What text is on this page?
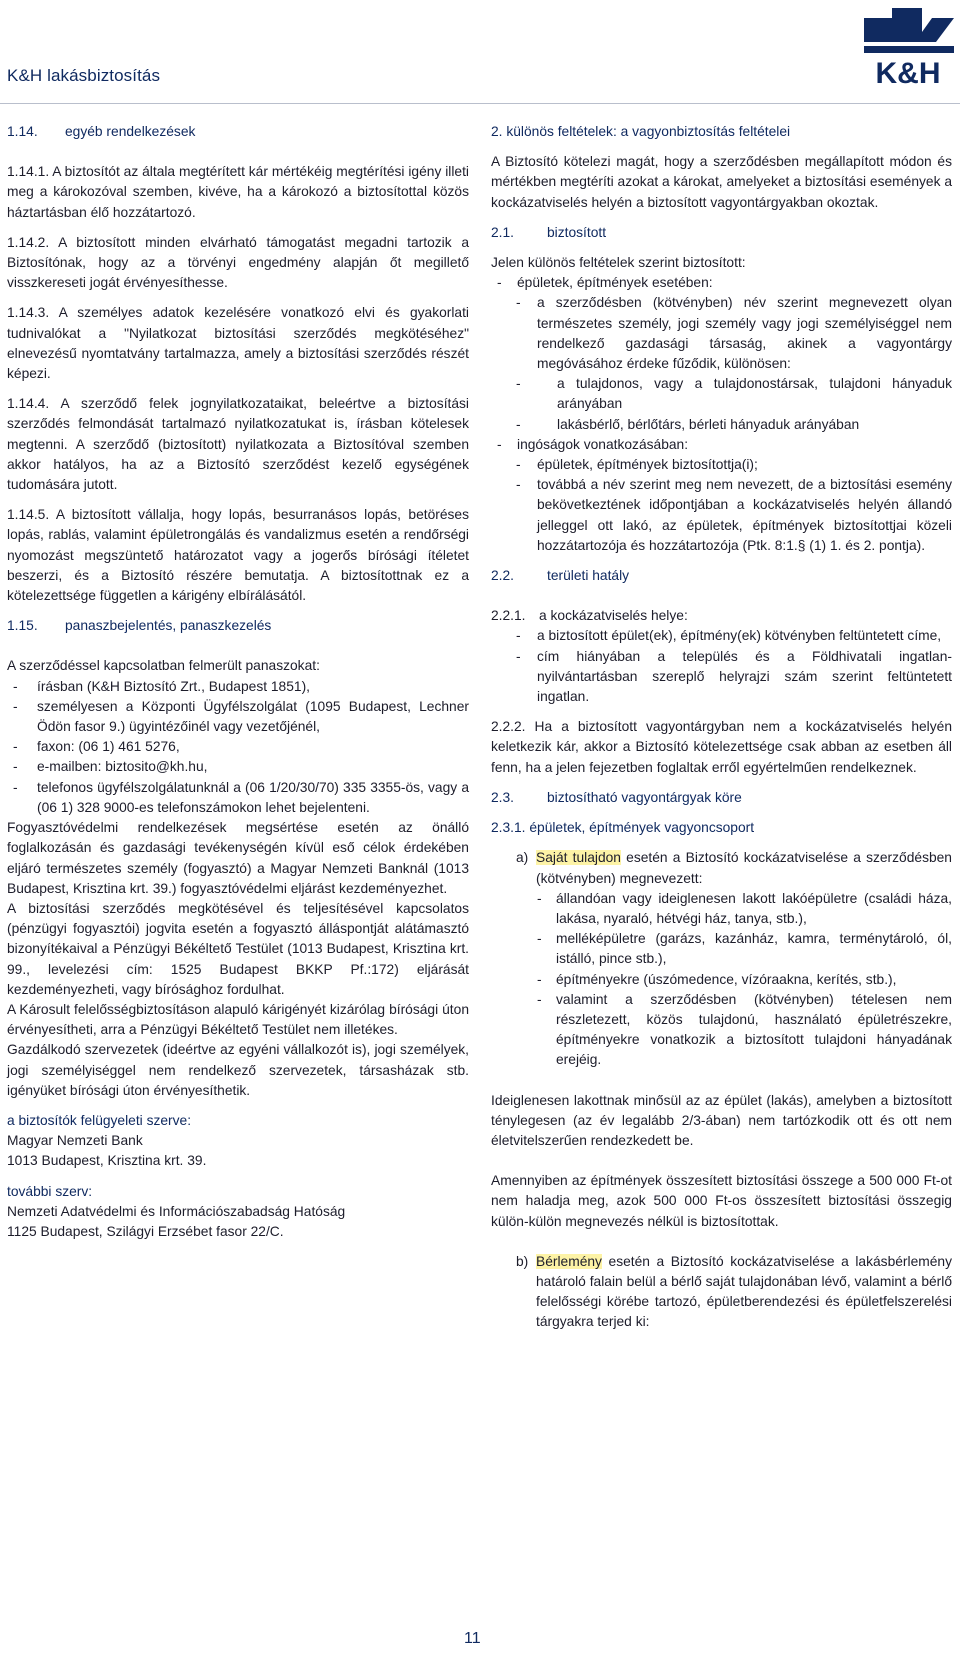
K&H lakásbiztosítás	K&H
1.14.	egyéb rendelkezések

1.14.1. A biztosítót az általa megtérített kár mértékéig megtérítési igény illeti meg a károkozóval szemben, kivéve, ha a károkozó a biztosítottal közös háztartásban élő hozzátartozó.

1.14.2. A biztosított minden elvárható támogatást megadni tartozik a Biztosítónak, hogy az a törvényi engedmény alapján őt megillető visszkereseti jogát érvényesíthesse.

1.14.3. A személyes adatok kezelésére vonatkozó elvi és gyakorlati tudnivalókat a "Nyilatkozat biztosítási szerződés megkötéséhez" elnevezésű nyomtatvány tartalmazza, amely a biztosítási szerződés részét képezi.

1.14.4. A szerződő felek jognyilatkozataikat, beleértve a biztosítási szerződés felmondását tartalmazó nyilatkozatukat is, írásban kötelesek megtenni. A szerződő (biztosított) nyilatkozata a Biztosítóval szemben akkor hatályos, ha az a Biztosító szerződést kezelő egységének tudomására jutott.

1.14.5. A biztosított vállalja, hogy lopás, besurranásos lopás, betöréses lopás, rablás, valamint épületrongálás és vandalizmus esetén a rendőrségi nyomozást megszüntető határozatot vagy a jogerős bírósági ítéletet beszerzi, és a Biztosító részére bemutatja. A biztosítottnak ez a kötelezettsége független a kárigény elbírálásától.

1.15.	panaszbejelentés, panaszkezelés

A szerződéssel kapcsolatban felmerült panaszokat:

- írásban (K&H Biztosító Zrt., Budapest 1851),
- személyesen a Központi Ügyfélszolgálat (1095 Budapest, Lechner Ödön fasor 9.) ügyintézőinél vagy vezetőjénél,
- faxon: (06 1) 461 5276,
- e-mailben: biztosito@kh.hu,
- telefonos ügyfélszolgálatunknál a (06 1/20/30/70) 335 3355-ös, vagy a (06 1) 328 9000-es telefonszámokon lehet bejelenteni.

Fogyasztóvédelmi rendelkezések megsértése esetén az önálló foglalkozásán és gazdasági tevékenységén kívül eső célok érdekében eljáró természetes személy (fogyasztó) a Magyar Nemzeti Banknál (1013 Budapest, Krisztina krt. 39.) fogyasztóvédelmi eljárást kezdeményezhet.

A biztosítási szerződés megkötésével és teljesítésével kapcsolatos (pénzügyi fogyasztói) jogvita esetén a fogyasztó álláspontját alátámasztó bizonyítékaival a Pénzügyi Békéltető Testület (1013 Budapest, Krisztina krt. 99., levelezési cím: 1525 Budapest BKKP Pf.:172) eljárását kezdeményezheti, vagy bírósághoz fordulhat.

A Károsult felelősségbiztosításon alapuló kárigényét kizárólag bírósági úton érvényesítheti, arra a Pénzügyi Békéltető Testület nem illetékes.

Gazdálkodó szervezetek (ideértve az egyéni vállalkozót is), jogi személyek, jogi személyiséggel nem rendelkező szervezetek, társasházak stb. igényüket bírósági úton érvényesíthetik.

a biztosítók felügyeleti szerve:
Magyar Nemzeti Bank
1013 Budapest, Krisztina krt. 39.
további szerv:
Nemzeti Adatvédelmi és Információszabadság Hatóság
1125 Budapest, Szilágyi Erzsébet fasor 22/C.
2. különös feltételek: a vagyonbiztosítás feltételei

A Biztosító kötelezi magát, hogy a szerződésben megállapított módon és mértékben megtéríti azokat a károkat, amelyeket a biztosítási események a kockázatviselés helyén a biztosított vagyontárgyakban okoztak.

2.1.	biztosított

Jelen különös feltételek szerint biztosított:

- épületek, építmények esetében:
- a szerződésben (kötvényben) név szerint megnevezett olyan természetes személy, jogi személy vagy jogi személyiséggel nem rendelkező gazdasági társaság, akinek a vagyontárgy megóvásához érdeke fűződik, különösen:
- a tulajdonos, vagy a tulajdonostársak, tulajdoni hányaduk arányában
- lakásbérlő, bérlőtárs, bérleti hányaduk arányában
- ingóságok vonatkozásában:
- épületek, építmények biztosítottja(i);
- továbbá a név szerint meg nem nevezett, de a biztosítási esemény bekövetkeztének időpontjában a kockázatviselés helyén állandó jelleggel ott lakó, az épületek, építmények biztosítottjai közeli hozzátartozója és hozzátartozója (Ptk. 8:1.§ (1) 1. és 2. pontja).
2.2.	területi hatály
2.2.1. a kockázatviselés helye:
- a biztosított épület(ek), építmény(ek) kötvényben feltüntetett címe,
- cím hiányában a település és a Földhivatali ingatlan-nyilvántartásban szereplő helyrajzi szám szerint feltüntetett ingatlan.

2.2.2. Ha a biztosított vagyontárgyban nem a kockázatviselés helyén keletkezik kár, akkor a Biztosító kötelezettsége csak abban az esetben áll fenn, ha a jelen fejezetben foglaltak erről egyértelműen rendelkeznek.

2.3.	biztosítható vagyontárgyak köre
2.3.1. épületek, építmények vagyoncsoport
a) Saját tulajdon esetén a Biztosító kockázatviselése a szerződésben (kötvényben) megnevezett:
- állandóan vagy ideiglenesen lakott lakóépületre (családi háza, lakása, nyaraló, hétvégi ház, tanya, stb.),
- melléképületre (garázs, kazánház, kamra, terménytároló, ól, istálló, pince stb.),
- építményekre (úszómedence, vízóraakna, kerítés, stb.),
- valamint a szerződésben (kötvényben) tételesen nem részletezett, közös tulajdonú, használató épületrészekre, építményekre vonatkozik a biztosított tulajdoni hányadának erejéig.

Ideiglenesen lakottnak minősül az az épület (lakás), amelyben a biztosított ténylegesen (az év legalább 2/3-ában) nem tartózkodik ott és ott nem életvitelszerűen rendezkedett be.

Amennyiben az építmények összesített biztosítási összege a 500 000 Ft-ot nem haladja meg, azok 500 000 Ft-os összesített biztosítási összegig külön-külön megnevezés nélkül is biztosítottak.

b) Bérlemény esetén a Biztosító kockázatviselése a lakásbérlemény határoló falain belül a bérlő saját tulajdonában lévő, valamint a bérlő felelősségi körébe tartozó, épületberendezési és épületfelszerelési tárgyakra terjed ki:
11
